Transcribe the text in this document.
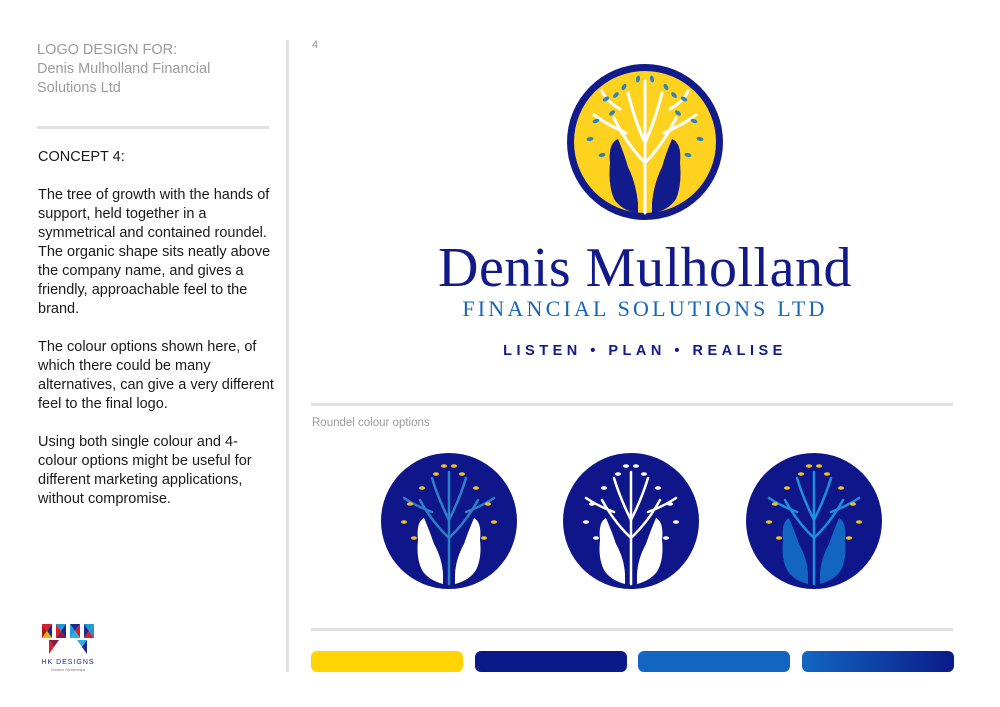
LOGO DESIGN FOR:
Denis Mulholland Financial
Solutions Ltd
CONCEPT 4:
The tree of growth with the hands of support, held together in a symmetrical and contained roundel. The organic shape sits neatly above the company name, and gives a friendly, approachable feel to the brand.
The colour options shown here, of which there could be many alternatives, can give a very different feel to the final logo.
Using both single colour and 4-colour options might be useful for different marketing applications, without compromise.
HK DESIGNS
Creative Partnerships
4
Denis Mulholland
FINANCIAL SOLUTIONS LTD
LISTEN • PLAN • REALISE
Roundel colour options
